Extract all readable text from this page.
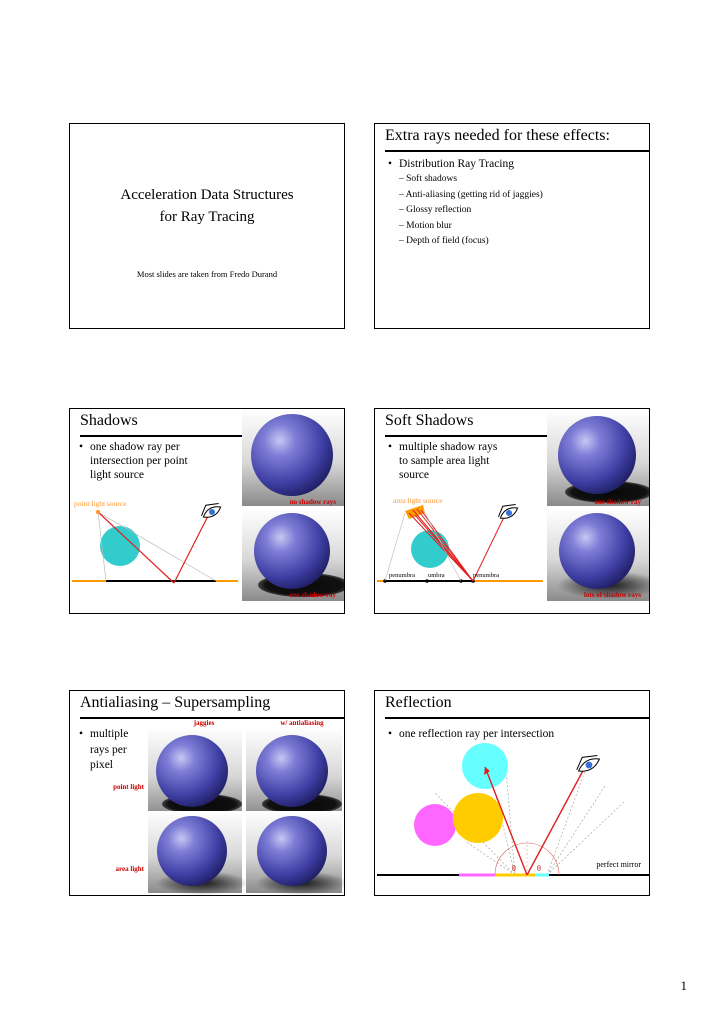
Acceleration Data Structures
for Ray Tracing
Most slides are taken from Fredo Durand
Extra rays needed for these effects:
• Distribution Ray Tracing
– Soft shadows
– Anti-aliasing (getting rid of jaggies)
– Glossy reflection
– Motion blur
– Depth of field (focus)
Shadows
• one shadow ray per
intersection per point
light source
point light source	no shadow rays
one shadow ray
Soft Shadows
• multiple shadow rays
to sample area light
source
area light source
penumbra umbra	penumbra
one shadow ray
lots of shadow rays
Antialiasing – Supersampling
• multiple
rays per
pixel
jaggies	w/ antialiasing
point light
area light
Reflection
• one reflection ray per intersection
θ	θ	perfect mirror
1
